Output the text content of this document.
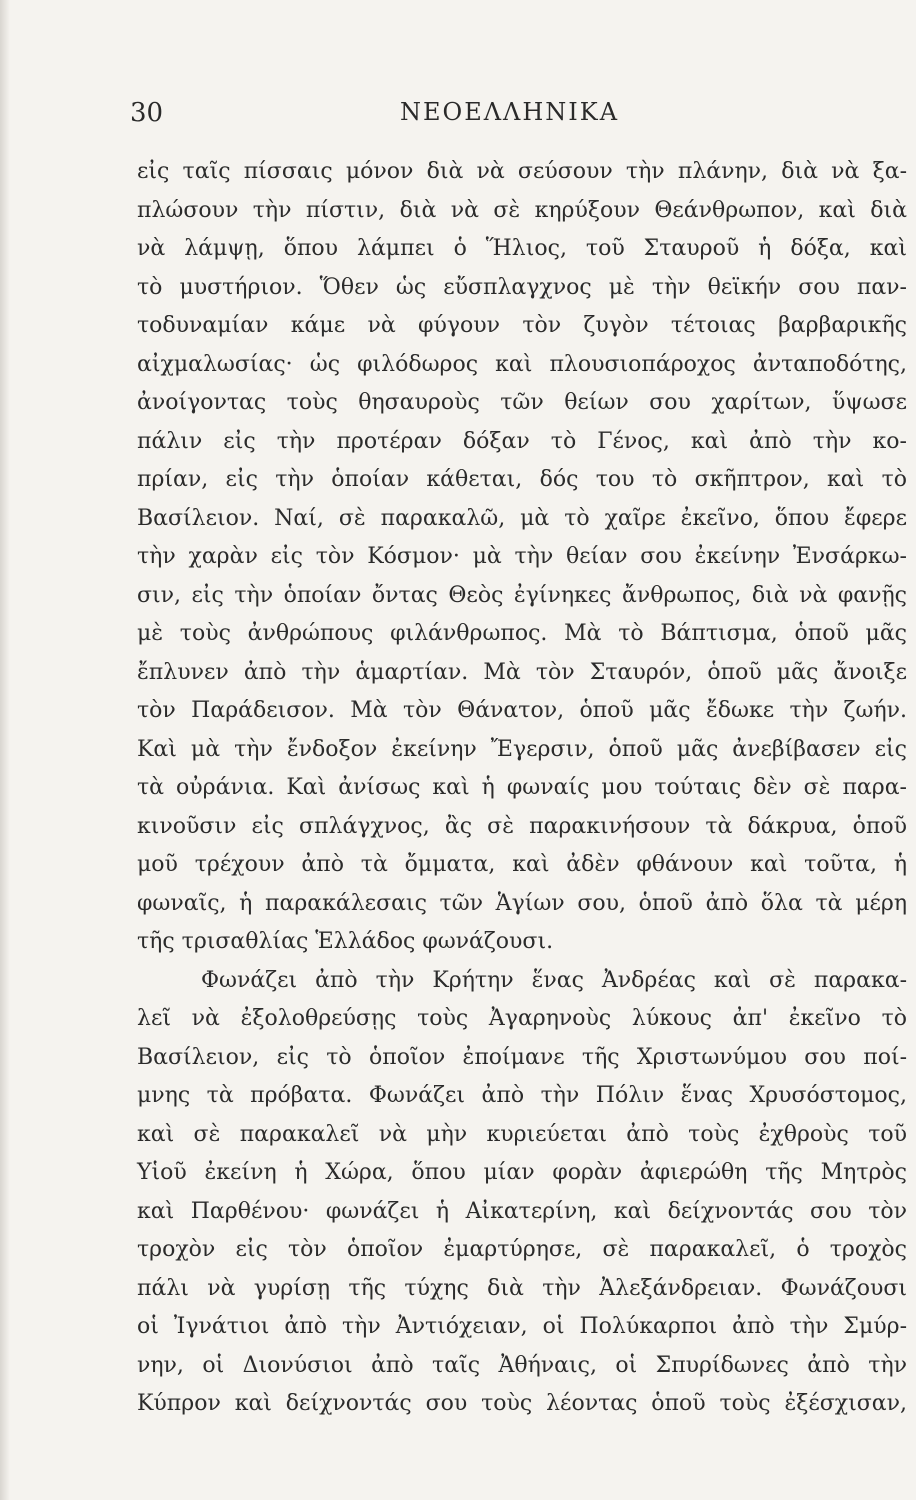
30	ΝΕΟΕΛΛΗΝΙΚΑ
εἰς ταῖς πίσσαις μόνον διὰ νὰ σεύσουν τὴν πλάνην, διὰ νὰ ξα-
πλώσουν τὴν πίστιν, διὰ νὰ σὲ κηρύξουν Θεάνθρωπον, καὶ διὰ
νὰ λάμψῃ, ὅπου λάμπει ὁ Ἥλιος, τοῦ Σταυροῦ ἡ δόξα, καὶ
τὸ μυστήριον. Ὅθεν ὡς εὔσπλαγχνος μὲ τὴν θεϊκήν σου παν-
τοδυναμίαν κάμε νὰ φύγουν τὸν ζυγὸν τέτοιας βαρβαρικῆς
αἰχμαλωσίας· ὡς φιλόδωρος καὶ πλουσιοπάροχος ἀνταποδότης,
ἀνοίγοντας τοὺς θησαυροὺς τῶν θείων σου χαρίτων, ὕψωσε
πάλιν εἰς τὴν προτέραν δόξαν τὸ Γένος, καὶ ἀπὸ τὴν κο-
πρίαν, εἰς τὴν ὁποίαν κάθεται, δός του τὸ σκῆπτρον, καὶ τὸ
Βασίλειον. Ναί, σὲ παρακαλῶ, μὰ τὸ χαῖρε ἐκεῖνο, ὅπου ἔφερε
τὴν χαρὰν εἰς τὸν Κόσμον· μὰ τὴν θείαν σου ἐκείνην Ἐνσάρκω-
σιν, εἰς τὴν ὁποίαν ὄντας Θεὸς ἐγίνηκες ἄνθρωπος, διὰ νὰ φανῇς
μὲ τοὺς ἀνθρώπους φιλάνθρωπος. Μὰ τὸ Βάπτισμα, ὁποῦ μᾶς
ἔπλυνεν ἀπὸ τὴν ἁμαρτίαν. Μὰ τὸν Σταυρόν, ὁποῦ μᾶς ἄνοιξε
τὸν Παράδεισον. Μὰ τὸν Θάνατον, ὁποῦ μᾶς ἔδωκε τὴν ζωήν.
Καὶ μὰ τὴν ἔνδοξον ἐκείνην Ἔγερσιν, ὁποῦ μᾶς ἀνεβίβασεν εἰς
τὰ οὐράνια. Καὶ ἀνίσως καὶ ἡ φωναίς μου τούταις δὲν σὲ παρα-
κινοῦσιν εἰς σπλάγχνος, ἂς σὲ παρακινήσουν τὰ δάκρυα, ὁποῦ
μοῦ τρέχουν ἀπὸ τὰ ὄμματα, καὶ ἀδὲν φθάνουν καὶ τοῦτα, ἡ
φωναῖς, ἡ παρακάλεσαις τῶν Ἁγίων σου, ὁποῦ ἀπὸ ὅλα τὰ μέρη
τῆς τρισαθλίας Ἑλλάδος φωνάζουσι.
Φωνάζει ἀπὸ τὴν Κρήτην ἕνας Ἀνδρέας καὶ σὲ παρακα-
λεῖ νὰ ἐξολοθρεύσῃς τοὺς Ἀγαρηνοὺς λύκους ἀπ' ἐκεῖνο τὸ
Βασίλειον, εἰς τὸ ὁποῖον ἐποίμανε τῆς Χριστωνύμου σου ποί-
μνης τὰ πρόβατα. Φωνάζει ἀπὸ τὴν Πόλιν ἕνας Χρυσόστομος,
καὶ σὲ παρακαλεῖ νὰ μὴν κυριεύεται ἀπὸ τοὺς ἐχθροὺς τοῦ
Υἱοῦ ἐκείνη ἡ Χώρα, ὅπου μίαν φορὰν ἀφιερώθη τῆς Μητρὸς
καὶ Παρθένου· φωνάζει ἡ Αἰκατερίνη, καὶ δείχνοντάς σου τὸν
τροχὸν εἰς τὸν ὁποῖον ἐμαρτύρησε, σὲ παρακαλεῖ, ὁ τροχὸς
πάλι νὰ γυρίσῃ τῆς τύχης διὰ τὴν Ἀλεξάνδρειαν. Φωνάζουσι
οἱ Ἰγνάτιοι ἀπὸ τὴν Ἀντιόχειαν, οἱ Πολύκαρποι ἀπὸ τὴν Σμύρ-
νην, οἱ Διονύσιοι ἀπὸ ταῖς Ἀθήναις, οἱ Σπυρίδωνες ἀπὸ τὴν
Κύπρον καὶ δείχνοντάς σου τοὺς λέοντας ὁποῦ τοὺς ἐξέσχισαν,
